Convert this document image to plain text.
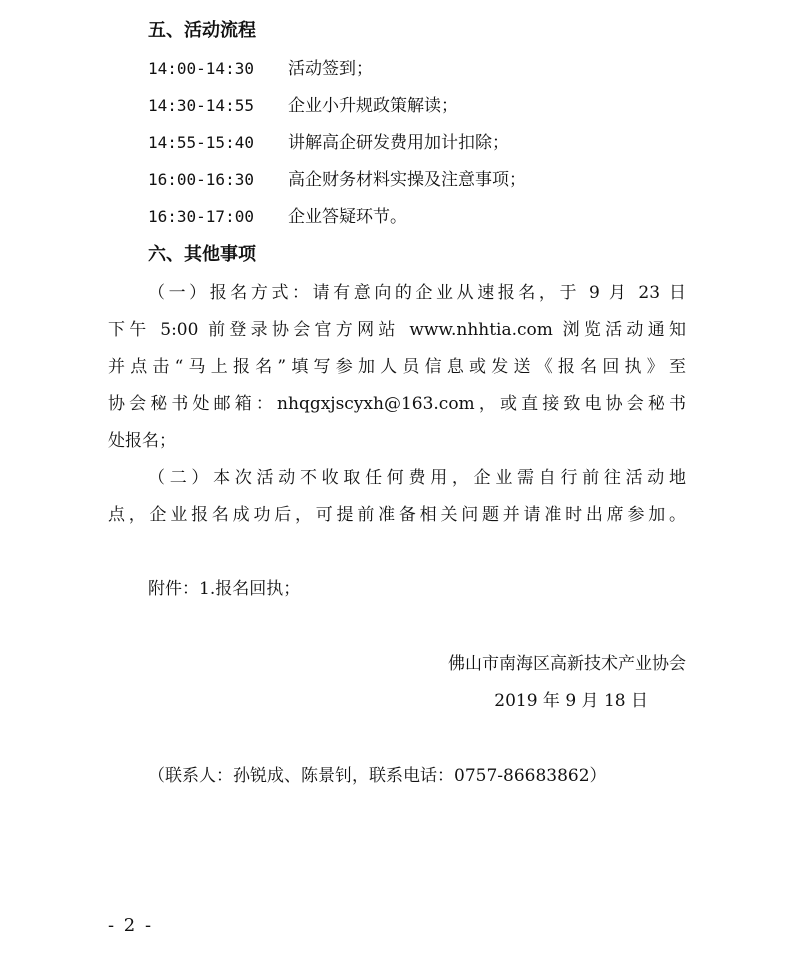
五、活动流程
14:00-14:30 活动签到；
14:30-14:55 企业小升规政策解读；
14:55-15:40 讲解高企研发费用加计扣除；
16:00-16:30 高企财务材料实操及注意事项；
16:30-17:00 企业答疑环节。
六、其他事项
（一）报名方式：请有意向的企业从速报名，于 9 月 23 日
下午 5:00 前登录协会官方网站 www.nhhtia.com 浏览活动通知
并点击“马上报名”填写参加人员信息或发送《报名回执》至
协会秘书处邮箱：nhqgxjscyxh@163.com，或直接致电协会秘书
处报名；
（二）本次活动不收取任何费用，企业需自行前往活动地
点，企业报名成功后，可提前准备相关问题并请准时出席参加。
附件：1.报名回执；
佛山市南海区高新技术产业协会
2019 年 9 月 18 日
（联系人：孙锐成、陈景钊，联系电话：0757-86683862）
- 2 -
